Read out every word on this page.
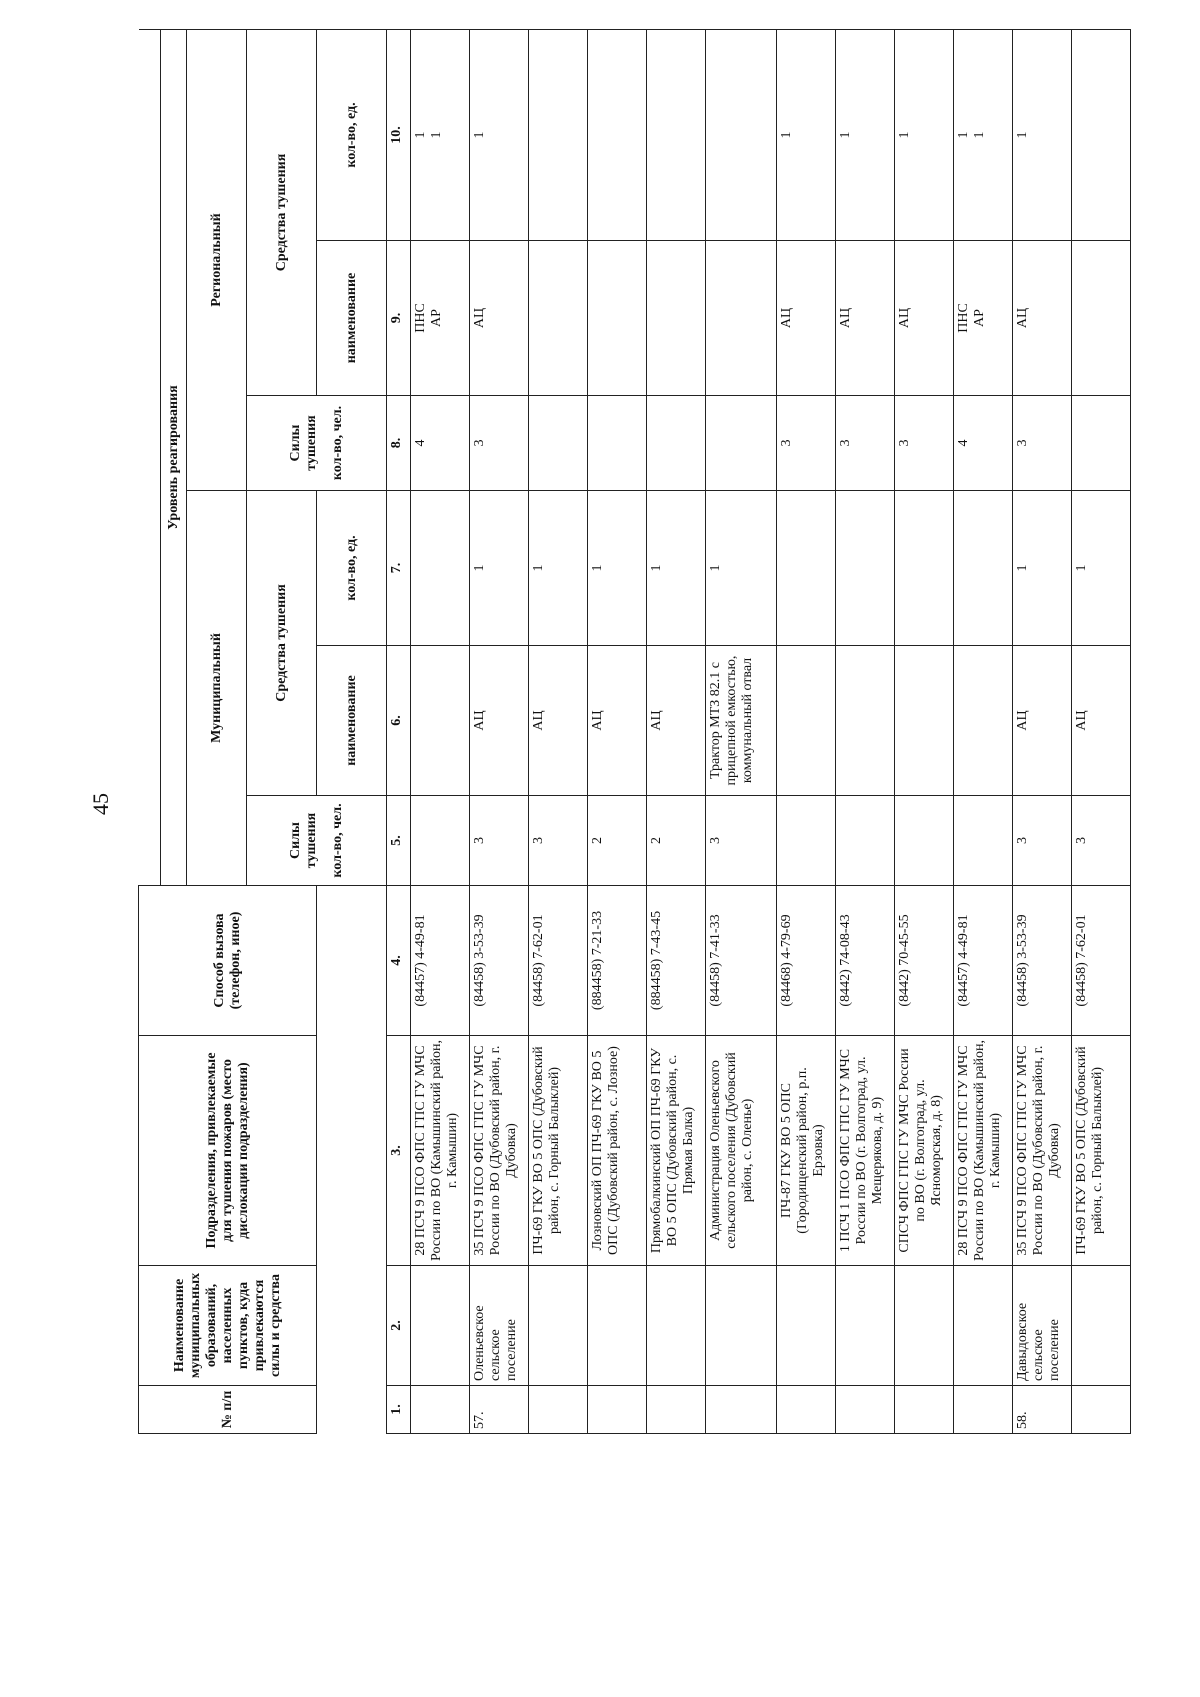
45
№ п/п	Наименование муниципальных образований, населенных пунктов, куда привлекаются силы и средства	Подразделения, привлекаемые для тушения пожаров (место дислокации подразделения)	Способ вызова (телефон, иное)						
				Уровень реагирования					
				Муниципальный			Региональный		

				Силы тушения кол-во, чел.	Средства тушения		Силы тушения кол-во, чел.	Средства тушения	
					наименование	кол-во, ед.		наименование	кол-во, ед.
1.	2.	3.	4.	5.	6.	7.	8.	9.	10.
		28 ПСЧ 9 ПСО ФПС ГПС ГУ МЧС России по ВО (Камышинский район, г. Камышин)	(84457) 4-49-81				4	ПНС АР	1 1

57.	Оленьевское сельское поселение	35 ПСЧ 9 ПСО ФПС ГПС ГУ МЧС России по ВО (Дубовский район, г. Дубовка)	(84458) 3-53-39	3	АЦ	1	3	АЦ	1

		ПЧ-69 ГКУ ВО 5 ОПС (Дубовский район, с. Горный Балыклей)	(84458) 7-62-01	3	АЦ	1			
		Лозновский ОП ПЧ-69 ГКУ ВО 5 ОПС (Дубовский район, с. Лозное)	(884458) 7-21-33	2	АЦ	1			
		Прямобалкинский ОП ПЧ-69 ГКУ ВО 5 ОПС (Дубовский район, с. Прямая Балка)	(884458) 7-43-45	2	АЦ	1			
		Администрация Оленьевского сельского поселения (Дубовский район, с. Оленье)	(84458) 7-41-33	3	Трактор МТЗ 82.1 с прицепной емкостью, коммунальный отвал	1			
		ПЧ-87 ГКУ ВО 5 ОПС (Городищенский район, р.п. Ерзовка)	(84468) 4-79-69				3	АЦ	1

		1 ПСЧ 1 ПСО ФПС ГПС ГУ МЧС России по ВО (г. Волгоград, ул. Мещерякова, д. 9)	(8442) 74-08-43				3	АЦ	1

		СПСЧ ФПС ГПС ГУ МЧС России по ВО (г. Волгоград, ул. Ясноморская, д. 8)	(8442) 70-45-55				3	АЦ	1

		28 ПСЧ 9 ПСО ФПС ГПС ГУ МЧС России по ВО (Камышинский район, г. Камышин)	(84457) 4-49-81				4	ПНС АР	1 1

58.	Давыдовское сельское поселение	35 ПСЧ 9 ПСО ФПС ГПС ГУ МЧС России по ВО (Дубовский район, г. Дубовка)	(84458) 3-53-39	3	АЦ	1	3	АЦ	1

		ПЧ-69 ГКУ ВО 5 ОПС (Дубовский район, с. Горный Балыклей)	(84458) 7-62-01	3	АЦ	1			
